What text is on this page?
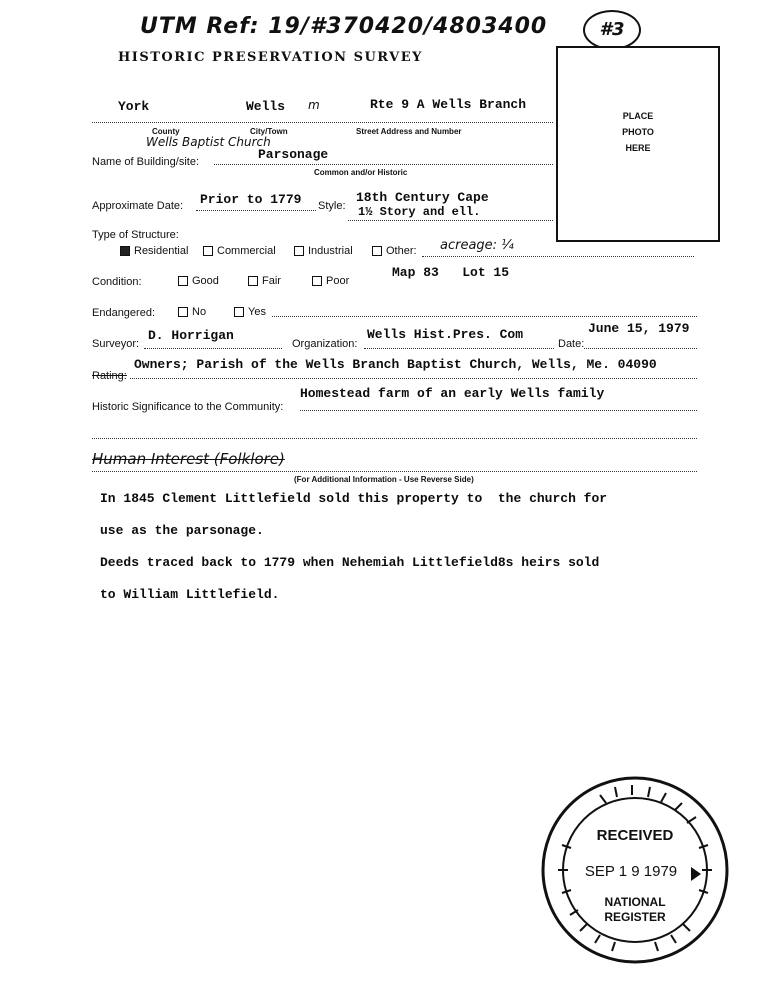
UTM Ref: 19/#370420/4803400	#3
HISTORIC PRESERVATION SURVEY
PLACE
PHOTO
HERE
York	Wells m	Rte 9 A Wells Branch
County	City/Town	Street Address and Number
Wells Baptist Church
Name of Building/site:	Parsonage
Common and/or Historic
Approximate Date: Prior to 1779 Style:
18th Century Cape
1½ Story and ell.
Type of Structure:
Residential	Commercial	Industrial	Other: acreage: ¼
Condition:	Good	Fair	Poor
Map 83   Lot 15
Endangered:	No	Yes
Surveyor:
D. Horrigan
Organization:
Wells Hist.Pres. Com
Date:
June 15, 1979
Rating:
Owners; Parish of the Wells Branch Baptist Church, Wells, Me. 04090
Homestead farm of an early Wells family
Historic Significance to the Community:
Human Interest (Folklore)
(For Additional Information - Use Reverse Side)
In 1845 Clement Littlefield sold this property to  the church for
use as the parsonage.
Deeds traced back to 1779 when Nehemiah Littlefield8s heirs sold
to William Littlefield.
RECEIVED
SEP 1 9 1979
NATIONAL
REGISTER
